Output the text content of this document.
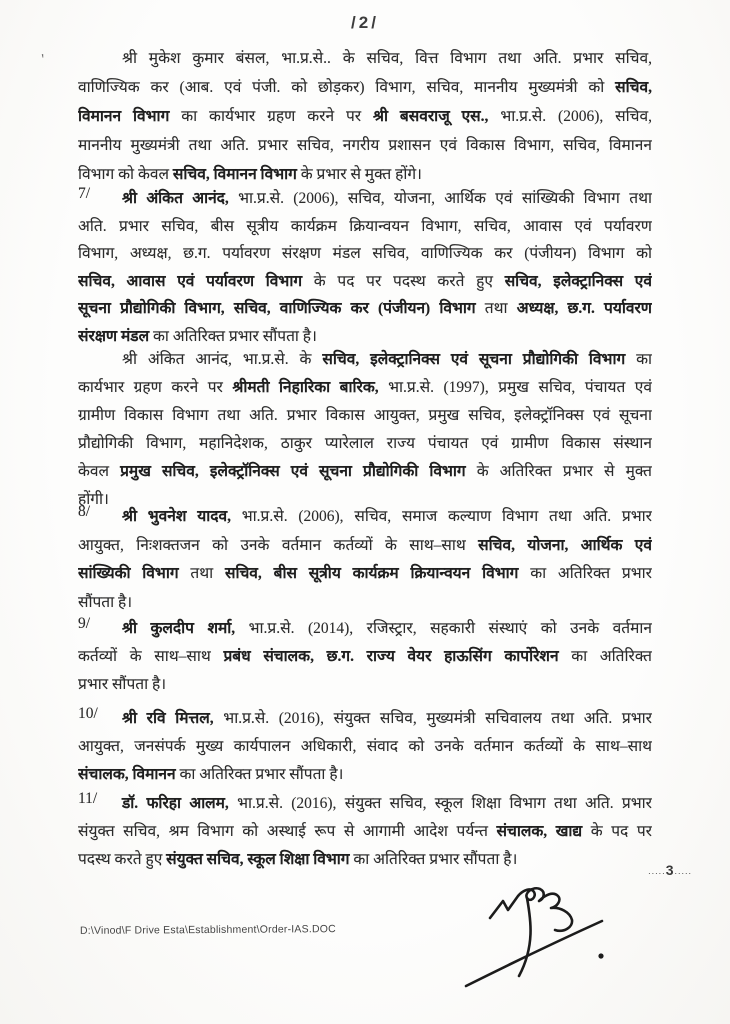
/2/
'	श्री मुकेश कुमार बंसल, भा.प्र.से.. के सचिव, वित्त विभाग तथा अति. प्रभार सचिव,
वाणिज्यिक कर (आब. एवं पंजी. को छोड़कर) विभाग, सचिव, माननीय मुख्यमंत्री को सचिव,
विमानन विभाग का कार्यभार ग्रहण करने पर श्री बसवराजू एस., भा.प्र.से. (2006), सचिव,
माननीय मुख्यमंत्री तथा अति. प्रभार सचिव, नगरीय प्रशासन एवं विकास विभाग, सचिव, विमानन
विभाग को केवल सचिव, विमानन विभाग के प्रभार से मुक्त होंगे।
7/	श्री अंकित आनंद, भा.प्र.से. (2006), सचिव, योजना, आर्थिक एवं सांख्यिकी विभाग तथा
अति. प्रभार सचिव, बीस सूत्रीय कार्यक्रम क्रियान्वयन विभाग, सचिव, आवास एवं पर्यावरण
विभाग, अध्यक्ष, छ.ग. पर्यावरण संरक्षण मंडल सचिव, वाणिज्यिक कर (पंजीयन) विभाग को
सचिव, आवास एवं पर्यावरण विभाग के पद पर पदस्थ करते हुए सचिव, इलेक्ट्रानिक्स एवं
सूचना प्रौद्योगिकी विभाग, सचिव, वाणिज्यिक कर (पंजीयन) विभाग तथा अध्यक्ष, छ.ग. पर्यावरण
संरक्षण मंडल का अतिरिक्त प्रभार सौंपता है।
श्री अंकित आनंद, भा.प्र.से. के सचिव, इलेक्ट्रानिक्स एवं सूचना प्रौद्योगिकी विभाग का
कार्यभार ग्रहण करने पर श्रीमती निहारिका बारिक, भा.प्र.से. (1997), प्रमुख सचिव, पंचायत एवं
ग्रामीण विकास विभाग तथा अति. प्रभार विकास आयुक्त, प्रमुख सचिव, इलेक्ट्रॉनिक्स एवं सूचना
प्रौद्योगिकी विभाग, महानिदेशक, ठाकुर प्यारेलाल राज्य पंचायत एवं ग्रामीण विकास संस्थान
केवल प्रमुख सचिव, इलेक्ट्रॉनिक्स एवं सूचना प्रौद्योगिकी विभाग के अतिरिक्त प्रभार से मुक्त
होंगी।
8/	श्री भुवनेश यादव, भा.प्र.से. (2006), सचिव, समाज कल्याण विभाग तथा अति. प्रभार
आयुक्त, निःशक्तजन को उनके वर्तमान कर्तव्यों के साथ–साथ सचिव, योजना, आर्थिक एवं
सांख्यिकी विभाग तथा सचिव, बीस सूत्रीय कार्यक्रम क्रियान्वयन विभाग का अतिरिक्त प्रभार
सौंपता है।
9/	श्री कुलदीप शर्मा, भा.प्र.से. (2014), रजिस्ट्रार, सहकारी संस्थाएं को उनके वर्तमान
कर्तव्यों के साथ–साथ प्रबंध संचालक, छ.ग. राज्य वेयर हाऊसिंग कार्पोरेशन का अतिरिक्त
प्रभार सौंपता है।
10/	श्री रवि मित्तल, भा.प्र.से. (2016), संयुक्त सचिव, मुख्यमंत्री सचिवालय तथा अति. प्रभार
आयुक्त, जनसंपर्क मुख्य कार्यपालन अधिकारी, संवाद को उनके वर्तमान कर्तव्यों के साथ–साथ
संचालक, विमानन का अतिरिक्त प्रभार सौंपता है।
11/	डॉ. फरिहा आलम, भा.प्र.से. (2016), संयुक्त सचिव, स्कूल शिक्षा विभाग तथा अति. प्रभार
संयुक्त सचिव, श्रम विभाग को अस्थाई रूप से आगामी आदेश पर्यन्त संचालक, खाद्य के पद पर
पदस्थ करते हुए संयुक्त सचिव, स्कूल शिक्षा विभाग का अतिरिक्त प्रभार सौंपता है।
.....3.....
D:\Vinod\F Drive Esta\Establishment\Order-IAS.DOC
